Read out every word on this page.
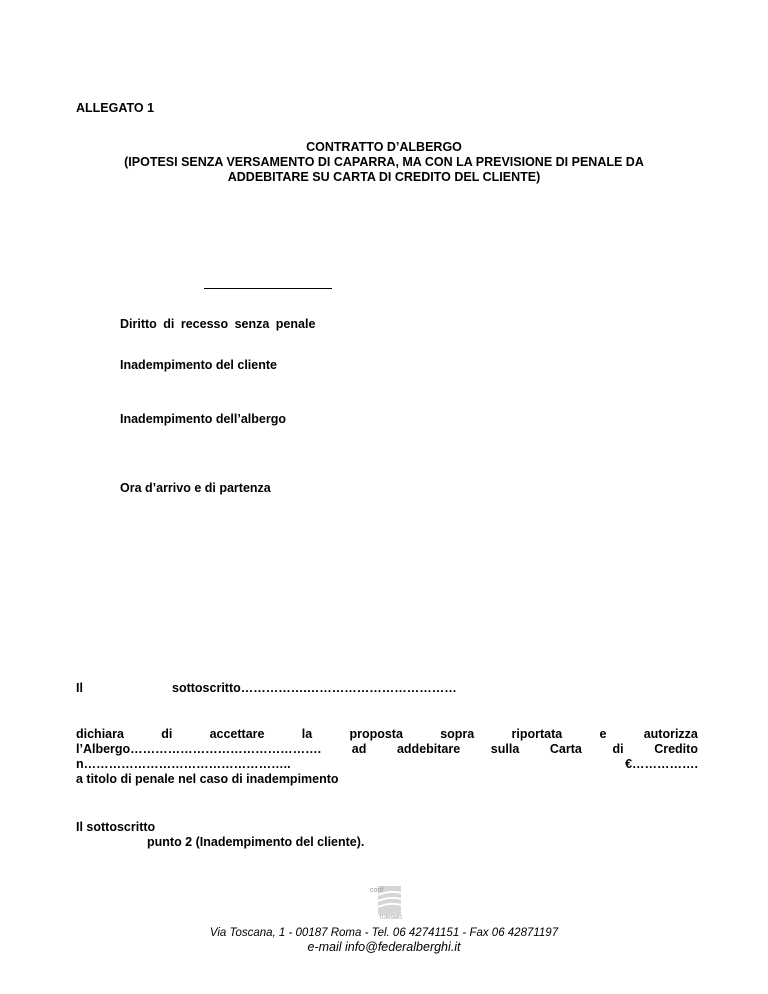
ALLEGATO 1
CONTRATTO D’ALBERGO
(IPOTESI SENZA VERSAMENTO DI CAPARRA, MA CON LA PREVISIONE DI PENALE DA
ADDEBITARE SU CARTA DI CREDITO DEL CLIENTE)
Diritto di recesso senza penale
Inadempimento del cliente
Inadempimento dell’albergo
Ora d’arrivo e di partenza
Il	sottoscritto…………….………………………………
dichiara	di	accettare	la	proposta	sopra	riportata	e	autorizza
l’Albergo………………………………………. ad addebitare sulla Carta di Credito
n…………………………………………..	€…………….
a titolo di penale nel caso di inadempimento
Il sottoscritto
punto 2 (Inadempimento del cliente).
conf
TURISMO
Via Toscana, 1 - 00187 Roma - Tel. 06 42741151 - Fax 06 42871197
e-mail info@federalberghi.it
